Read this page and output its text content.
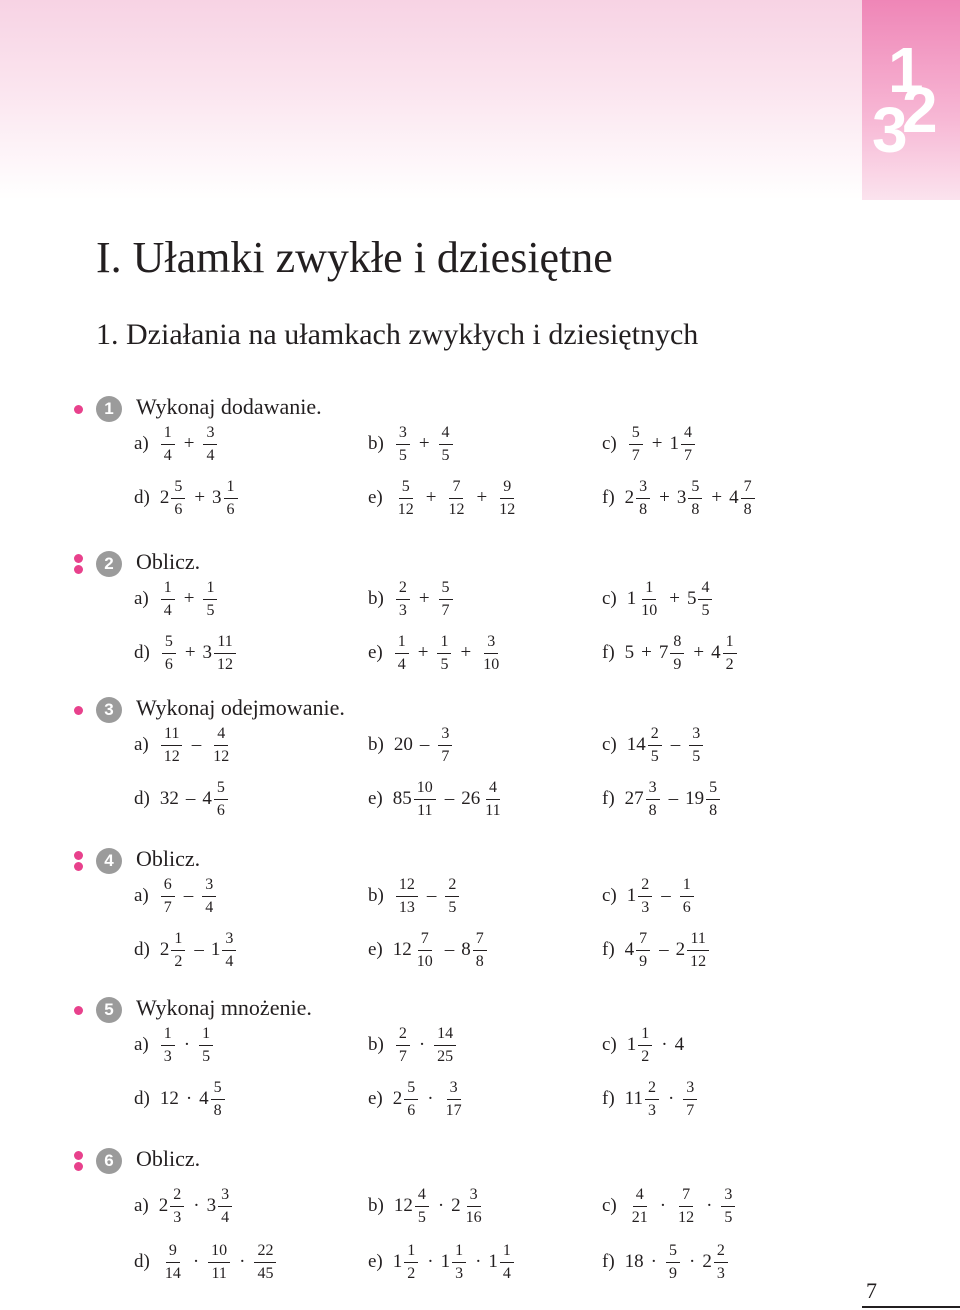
1
2
3
I. Ułamki zwykłe i dziesiętne
1. Działania na ułamkach zwykłych i dziesiętnych
1	Wykonaj dodawanie.
$a) \frac{1}{4} + \frac{3}{4}$	$b) \frac{3}{5} + \frac{4}{5}$	$c) \frac{5}{7} + 1 \frac{4}{7}$
d) $2 \frac{5}{6} + 3 \frac{1}{6}$	$e) \frac{5}{12} + \frac{7}{12} + \frac{9}{12}$	f) $2 \frac{3}{8} + 3 \frac{5}{8} + 4 \frac{7}{8}$
2	Oblicz.
$a) \frac{1}{4} + \frac{1}{5}$	$b) \frac{2}{3} + \frac{5}{7}$	c) $1 \frac{1}{10} + 5 \frac{4}{5}$
$d) \frac{5}{6} + 3 \frac{11}{12}$	$e) \frac{1}{4} + \frac{1}{5} + \frac{3}{10}$	f) $5 + 7 \frac{8}{9} + 4 \frac{1}{2}$
3	Wykonaj odejmowanie.
$a) \frac{11}{12} - \frac{4}{12}$	b) $20 - \frac{3}{7}$	c) $14 \frac{2}{5} - \frac{3}{5}$
d) $32 - 4 \frac{5}{6}$	e) $85 \frac{10}{11} - 26 \frac{4}{11}$	f) $27 \frac{3}{8} - 19 \frac{5}{8}$
4	Oblicz.
$a) \frac{6}{7} - \frac{3}{4}$	$b) \frac{12}{13} - \frac{2}{5}$	c) $1 \frac{2}{3} - \frac{1}{6}$
d) $2 \frac{1}{2} - 1 \frac{3}{4}$	e) $12 \frac{7}{10} - 8 \frac{7}{8}$	f) $4 \frac{7}{9} - 2 \frac{11}{12}$
5	Wykonaj mnożenie.
$a) \frac{1}{3} \cdot \frac{1}{5}$	$b) \frac{2}{7} \cdot \frac{14}{25}$	c) $1 \frac{1}{2} \cdot 4$
d) $12 \cdot 4 \frac{5}{8}$	e) $2 \frac{5}{6} \cdot \frac{3}{17}$	f) $11 \frac{2}{3} \cdot \frac{3}{7}$
6	Oblicz.
a) $2 \frac{2}{3} \cdot 3 \frac{3}{4}$	b) $12 \frac{4}{5} \cdot 2 \frac{3}{16}$	$c) \frac{4}{21} \cdot \frac{7}{12} \cdot \frac{3}{5}$
$d) \frac{9}{14} \cdot \frac{10}{11} \cdot \frac{22}{45}$	e) $1 \frac{1}{2} \cdot 1 \frac{1}{3} \cdot 1 \frac{1}{4}$	f) $18 \cdot \frac{5}{9} \cdot 2 \frac{2}{3}$
7
